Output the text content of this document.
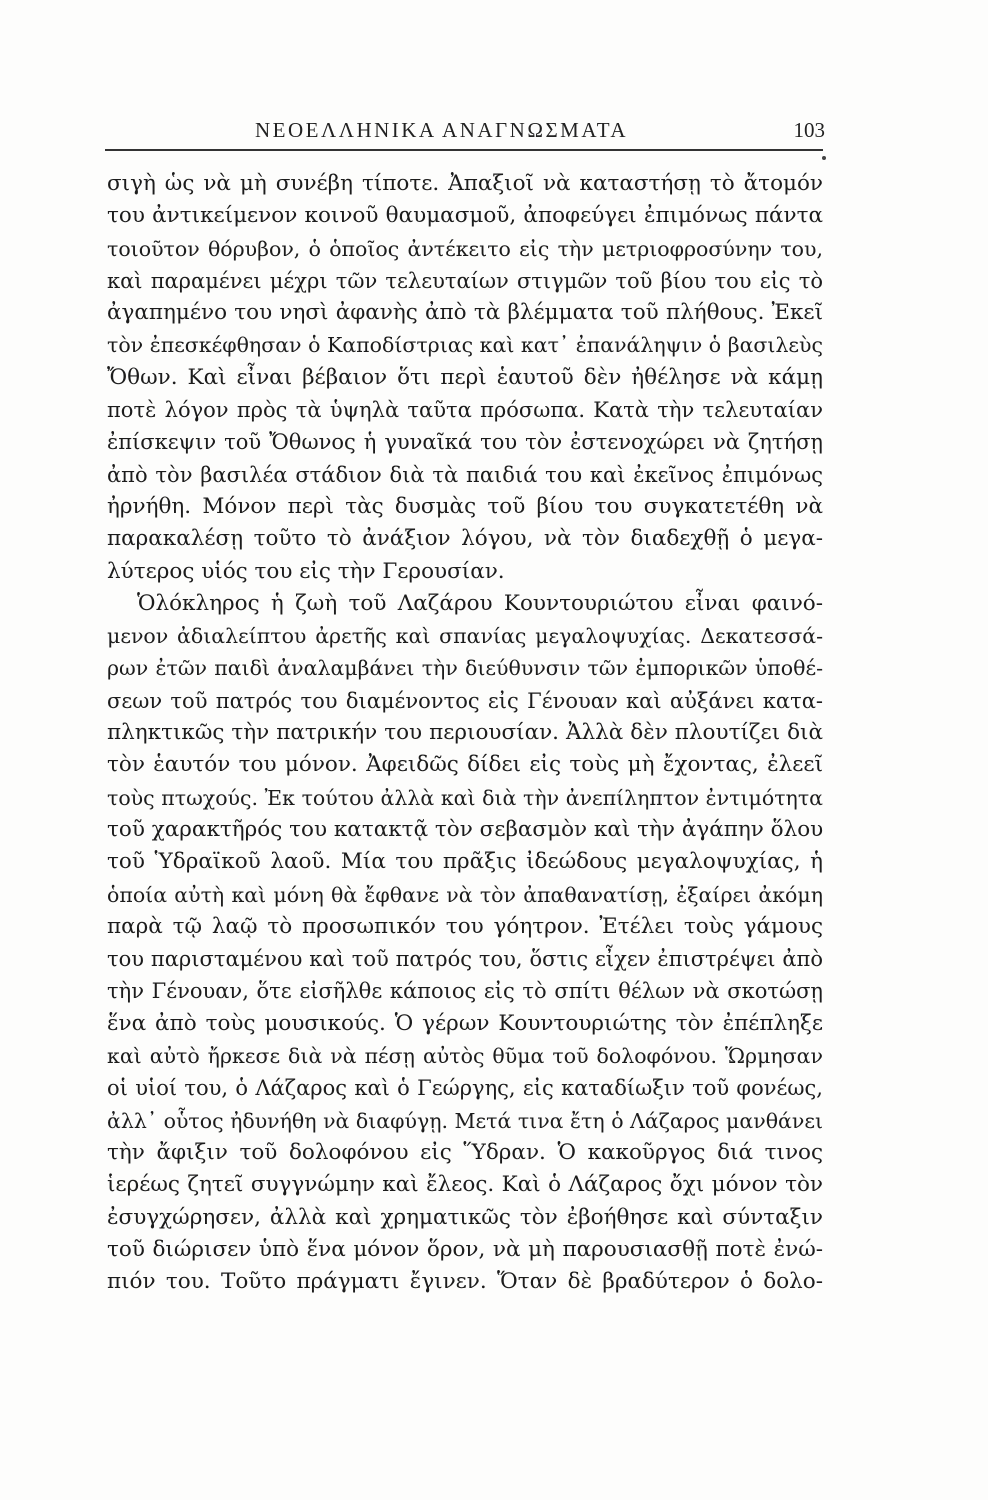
ΝΕΟΕΛΛΗΝΙΚΑ ΑΝΑΓΝΩΣΜΑΤΑ	103
σιγὴ ὡς νὰ μὴ συνέβη τίποτε. Ἀπαξιοῖ νὰ καταστήσῃ τὸ ἄτομόν
του ἀντικείμενον κοινοῦ θαυμασμοῦ, ἀποφεύγει ἐπιμόνως πάντα
τοιοῦτον θόρυβον, ὁ ὁποῖος ἀντέκειτο εἰς τὴν μετριοφροσύνην του,
καὶ παραμένει μέχρι τῶν τελευταίων στιγμῶν τοῦ βίου του εἰς τὸ
ἀγαπημένο του νησὶ ἀφανὴς ἀπὸ τὰ βλέμματα τοῦ πλήθους. Ἐκεῖ
τὸν ἐπεσκέφθησαν ὁ Καποδίστριας καὶ κατ᾽ ἐπανάληψιν ὁ βασιλεὺς
Ὄθων. Καὶ εἶναι βέβαιον ὅτι περὶ ἑαυτοῦ δὲν ἠθέλησε νὰ κάμῃ
ποτὲ λόγον πρὸς τὰ ὑψηλὰ ταῦτα πρόσωπα. Κατὰ τὴν τελευταίαν
ἐπίσκεψιν τοῦ Ὄθωνος ἡ γυναῖκά του τὸν ἐστενοχώρει νὰ ζητήσῃ
ἀπὸ τὸν βασιλέα στάδιον διὰ τὰ παιδιά του καὶ ἐκεῖνος ἐπιμόνως
ἠρνήθη. Μόνον περὶ τὰς δυσμὰς τοῦ βίου του συγκατετέθη νὰ
παρακαλέσῃ τοῦτο τὸ ἀνάξιον λόγου, νὰ τὸν διαδεχθῇ ὁ μεγα-
λύτερος υἱός του εἰς τὴν Γερουσίαν.
Ὁλόκληρος ἡ ζωὴ τοῦ Λαζάρου Κουντουριώτου εἶναι φαινό-
μενον ἀδιαλείπτου ἀρετῆς καὶ σπανίας μεγαλοψυχίας. Δεκατεσσά-
ρων ἐτῶν παιδὶ ἀναλαμβάνει τὴν διεύθυνσιν τῶν ἐμπορικῶν ὑποθέ-
σεων τοῦ πατρός του διαμένοντος εἰς Γένουαν καὶ αὐξάνει κατα-
πληκτικῶς τὴν πατρικήν του περιουσίαν. Ἀλλὰ δὲν πλουτίζει διὰ
τὸν ἑαυτόν του μόνον. Ἀφειδῶς δίδει εἰς τοὺς μὴ ἔχοντας, ἐλεεῖ
τοὺς πτωχούς. Ἐκ τούτου ἀλλὰ καὶ διὰ τὴν ἀνεπίληπτον ἐντιμότητα
τοῦ χαρακτῆρός του κατακτᾷ τὸν σεβασμὸν καὶ τὴν ἀγάπην ὅλου
τοῦ Ὑδραϊκοῦ λαοῦ. Μία του πρᾶξις ἰδεώδους μεγαλοψυχίας, ἡ
ὁποία αὐτὴ καὶ μόνη θὰ ἔφθανε νὰ τὸν ἀπαθανατίσῃ, ἐξαίρει ἀκόμη
παρὰ τῷ λαῷ τὸ προσωπικόν του γόητρον. Ἐτέλει τοὺς γάμους
του παρισταμένου καὶ τοῦ πατρός του, ὅστις εἶχεν ἐπιστρέψει ἀπὸ
τὴν Γένουαν, ὅτε εἰσῆλθε κάποιος εἰς τὸ σπίτι θέλων νὰ σκοτώσῃ
ἕνα ἀπὸ τοὺς μουσικούς. Ὁ γέρων Κουντουριώτης τὸν ἐπέπληξε
καὶ αὐτὸ ἤρκεσε διὰ νὰ πέσῃ αὐτὸς θῦμα τοῦ δολοφόνου. Ὥρμησαν
οἱ υἱοί του, ὁ Λάζαρος καὶ ὁ Γεώργης, εἰς καταδίωξιν τοῦ φονέως,
ἀλλ᾽ οὗτος ἠδυνήθη νὰ διαφύγῃ. Μετά τινα ἔτη ὁ Λάζαρος μανθάνει
τὴν ἄφιξιν τοῦ δολοφόνου εἰς Ὕδραν. Ὁ κακοῦργος διά τινος
ἱερέως ζητεῖ συγγνώμην καὶ ἔλεος. Καὶ ὁ Λάζαρος ὄχι μόνον τὸν
ἐσυγχώρησεν, ἀλλὰ καὶ χρηματικῶς τὸν ἐβοήθησε καὶ σύνταξιν
τοῦ διώρισεν ὑπὸ ἕνα μόνον ὅρον, νὰ μὴ παρουσιασθῇ ποτὲ ἐνώ-
πιόν του. Τοῦτο πράγματι ἔγινεν. Ὅταν δὲ βραδύτερον ὁ δολο-
